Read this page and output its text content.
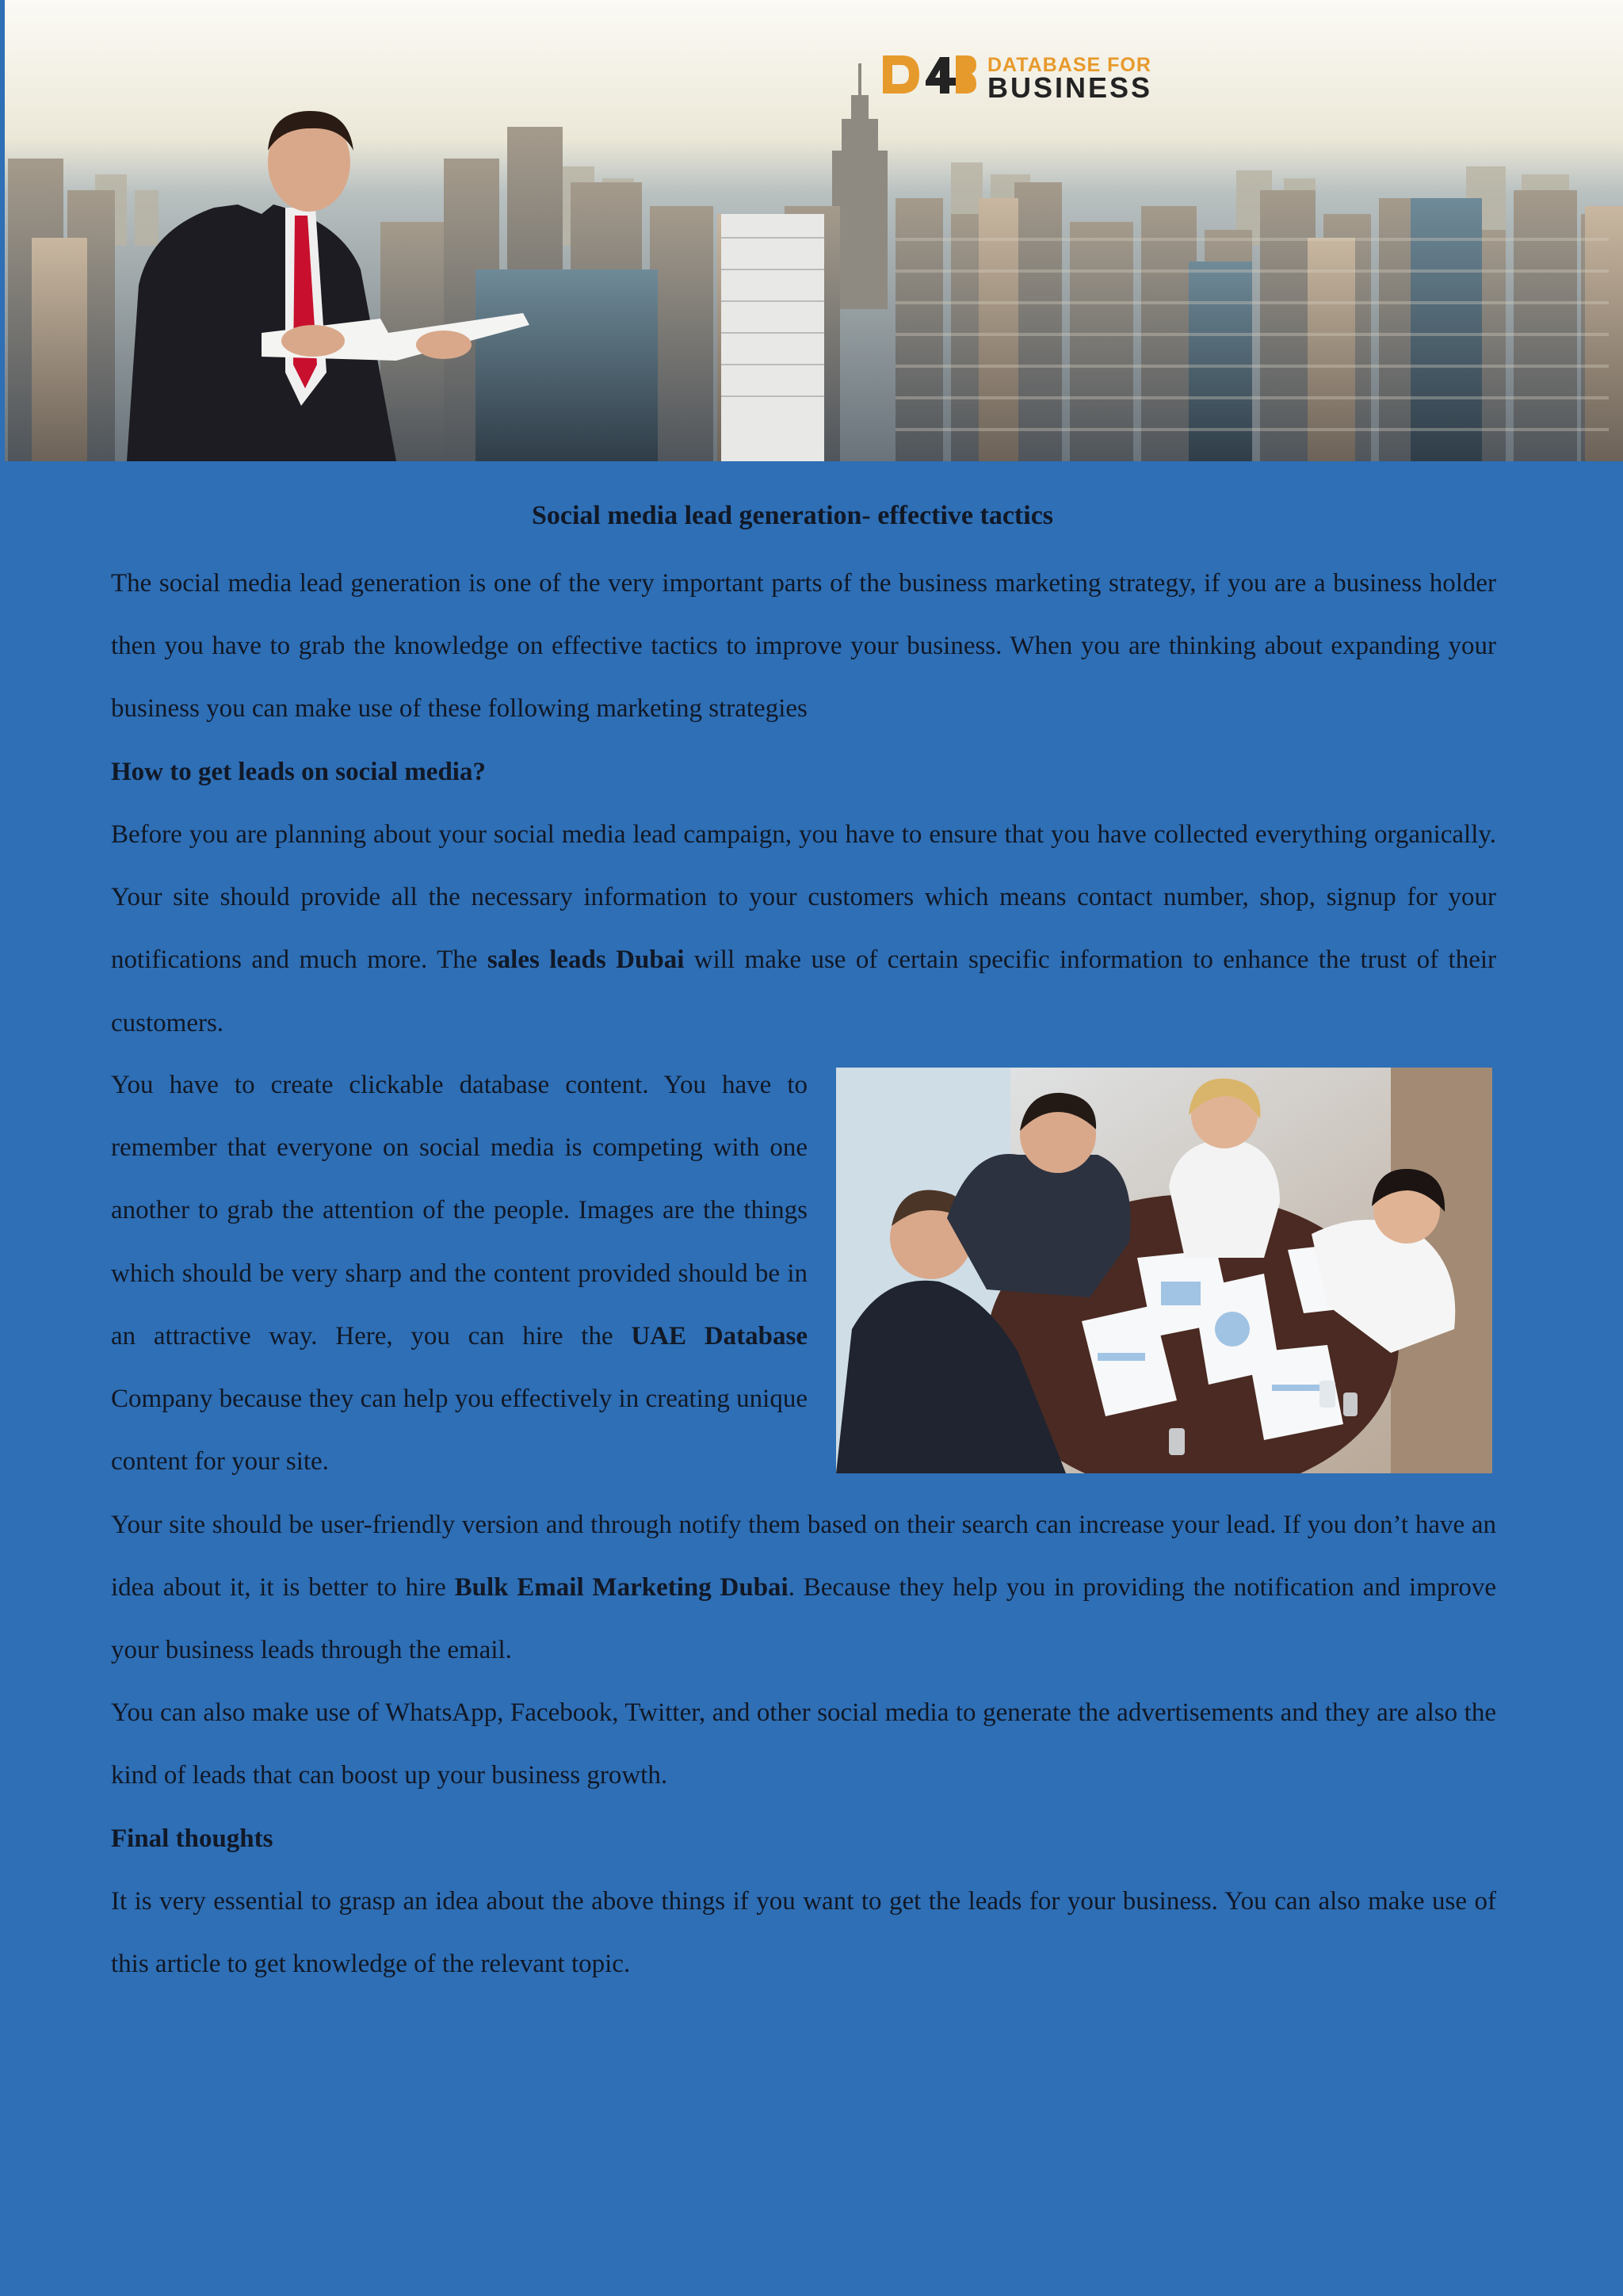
DATABASE FOR
BUSINESS
Social media lead generation- effective tactics

The social media lead generation is one of the very important parts of the business marketing strategy, if you are a business holder then you have to grab the knowledge on effective tactics to improve your business. When you are thinking about expanding your business you can make use of these following marketing strategies

How to get leads on social media?

Before you are planning about your social media lead campaign, you have to ensure that you have collected everything organically. Your site should provide all the necessary information to your customers which means contact number, shop, signup for your notifications and much more. The sales leads Dubai will make use of certain specific information to enhance the trust of their customers.

You have to create clickable database content. You have to remember that everyone on social media is competing with one another to grab the attention of the people. Images are the things which should be very sharp and the content provided should be in an attractive way. Here, you can hire the UAE Database Company because they can help you effectively in creating unique content for your site.

Your site should be user-friendly version and through notify them based on their search can increase your lead. If you don’t have an idea about it, it is better to hire Bulk Email Marketing Dubai. Because they help you in providing the notification and improve your business leads through the email.

You can also make use of WhatsApp, Facebook, Twitter, and other social media to generate the advertisements and they are also the kind of leads that can boost up your business growth.

Final thoughts

It is very essential to grasp an idea about the above things if you want to get the leads for your business. You can also make use of this article to get knowledge of the relevant topic.
